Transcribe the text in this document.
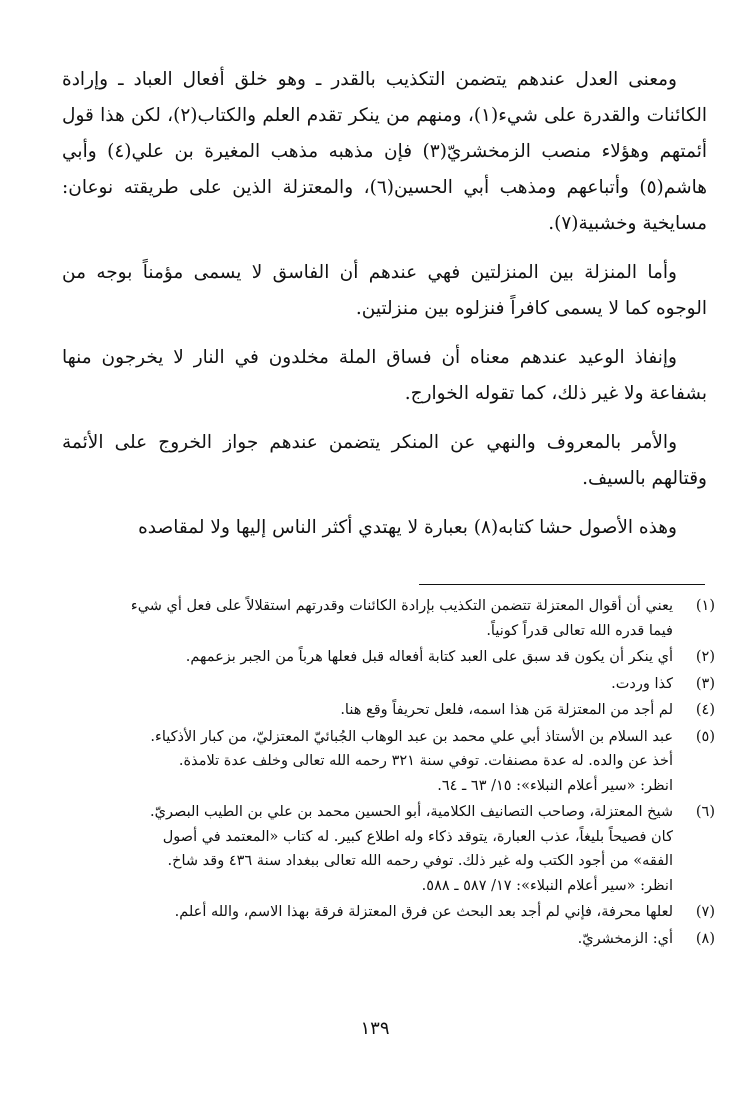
ومعنى العدل عندهم يتضمن التكذيب بالقدر ـ وهو خلق أفعال العباد ـ وإرادة الكائنات والقدرة على شيء(١)، ومنهم من ينكر تقدم العلم والكتاب(٢)، لكن هذا قول أئمتهم وهؤلاء منصب الزمخشريّ(٣) فإن مذهبه مذهب المغيرة بن علي(٤) وأبي هاشم(٥) وأتباعهم ومذهب أبي الحسين(٦)، والمعتزلة الذين على طريقته نوعان: مسايخية وخشبية(٧).

وأما المنزلة بين المنزلتين فهي عندهم أن الفاسق لا يسمى مؤمناً بوجه من الوجوه كما لا يسمى كافراً فنزلوه بين منزلتين.

وإنفاذ الوعيد عندهم معناه أن فساق الملة مخلدون في النار لا يخرجون منها بشفاعة ولا غير ذلك، كما تقوله الخوارج.

والأمر بالمعروف والنهي عن المنكر يتضمن عندهم جواز الخروج على الأئمة وقتالهم بالسيف.

وهذه الأصول حشا كتابه(٨) بعبارة لا يهتدي أكثر الناس إليها ولا لمقاصده

(١)
يعني أن أقوال المعتزلة تتضمن التكذيب بإرادة الكائنات وقدرتهم استقلالاً على فعل أي شيء
فيما قدره الله تعالى قدراً كونياً.
(٢)
أي ينكر أن يكون قد سبق على العبد كتابة أفعاله قبل فعلها هرباً من الجبر بزعمهم.
(٣)
كذا وردت.
(٤)
لم أجد من المعتزلة مَن هذا اسمه، فلعل تحريفاً وقع هنا.
(٥)
عبد السلام بن الأستاذ أبي علي محمد بن عبد الوهاب الجُبائيّ المعتزليّ، من كبار الأذكياء.
أخذ عن والده. له عدة مصنفات. توفي سنة ٣٢١ رحمه الله تعالى وخلف عدة تلامذة.
انظر: «سير أعلام النبلاء»: ١٥/ ٦٣ ـ ٦٤.
(٦)
شيخ المعتزلة، وصاحب التصانيف الكلامية، أبو الحسين محمد بن علي بن الطيب البصريّ.
كان فصيحاً بليغاً، عذب العبارة، يتوقد ذكاء وله اطلاع كبير. له كتاب «المعتمد في أصول
الفقه» من أجود الكتب وله غير ذلك. توفي رحمه الله تعالى ببغداد سنة ٤٣٦ وقد شاخ.
انظر: «سير أعلام النبلاء»: ١٧/ ٥٨٧ ـ ٥٨٨.
(٧)
لعلها محرفة، فإني لم أجد بعد البحث عن فرق المعتزلة فرقة بهذا الاسم، والله أعلم.
(٨)
أي: الزمخشريّ.
١٣٩
